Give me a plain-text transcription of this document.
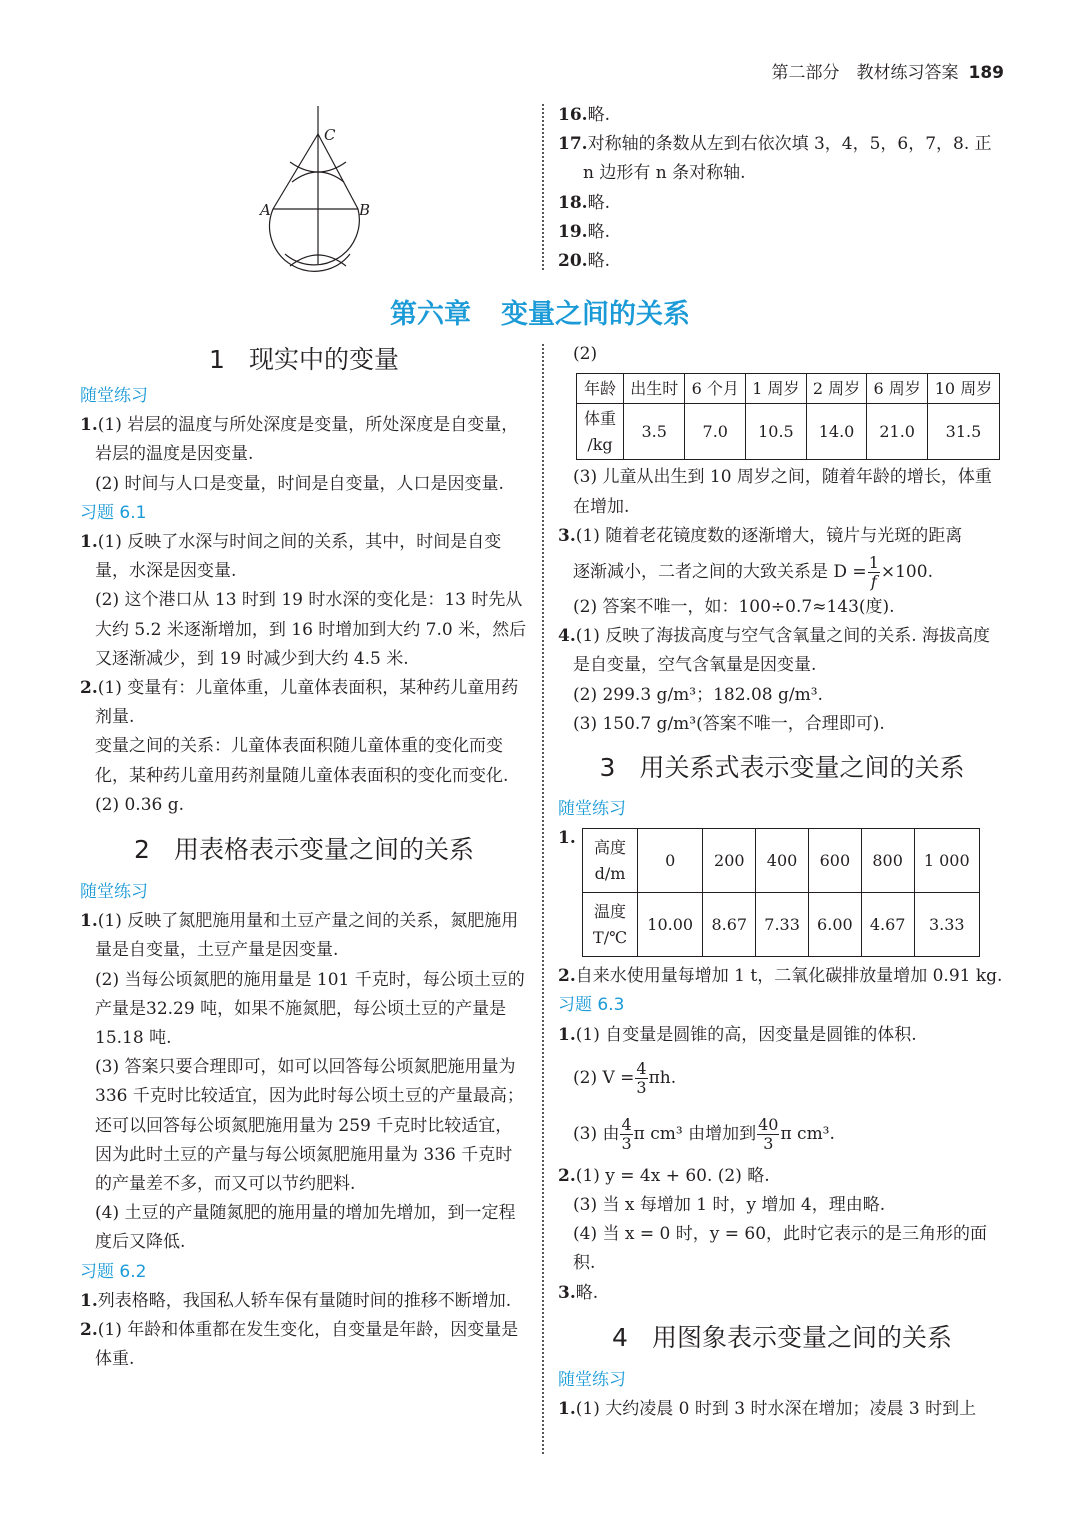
第二部分　教材练习答案 189
C
A	B

16.略.

17.对称轴的条数从左到右依次填 3，4，5，6，7，8. 正 n 边形有 n 条对称轴.

18.略.

19.略.

20.略.

第六章 变量之间的关系
1 现实中的变量
随堂练习

1.(1) 岩层的温度与所处深度是变量，所处深度是自变量，岩层的温度是因变量.

(2) 时间与人口是变量，时间是自变量，人口是因变量.

习题 6.1

1.(1) 反映了水深与时间之间的关系，其中，时间是自变量，水深是因变量.

(2) 这个港口从 13 时到 19 时水深的变化是：13 时先从大约 5.2 米逐渐增加，到 16 时增加到大约 7.0 米，然后又逐渐减少，到 19 时减少到大约 4.5 米.

2.(1) 变量有：儿童体重，儿童体表面积，某种药儿童用药剂量.

变量之间的关系：儿童体表面积随儿童体重的变化而变化，某种药儿童用药剂量随儿童体表面积的变化而变化.

(2) 0.36 g.

2 用表格表示变量之间的关系
随堂练习

1.(1) 反映了氮肥施用量和土豆产量之间的关系，氮肥施用量是自变量，土豆产量是因变量.

(2) 当每公顷氮肥的施用量是 101 千克时，每公顷土豆的产量是32.29 吨，如果不施氮肥，每公顷土豆的产量是15.18 吨.

(3) 答案只要合理即可，如可以回答每公顷氮肥施用量为336 千克时比较适宜，因为此时每公顷土豆的产量最高；还可以回答每公顷氮肥施用量为 259 千克时比较适宜，因为此时土豆的产量与每公顷氮肥施用量为 336 千克时的产量差不多，而又可以节约肥料.

(4) 土豆的产量随氮肥的施用量的增加先增加，到一定程度后又降低.

习题 6.2

1.列表格略，我国私人轿车保有量随时间的推移不断增加.

2.(1) 年龄和体重都在发生变化，自变量是年龄，因变量是体重.

(2)

年龄	出生时	6 个月	1 周岁	2 周岁	6 周岁	10 周岁
体重 /kg	3.5	7.0	10.5	14.0	21.0	31.5

(3) 儿童从出生到 10 周岁之间，随着年龄的增长，体重在增加.

3.(1) 随着老花镜度数的逐渐增大，镜片与光斑的距离

逐渐减小，二者之间的大致关系是 $D = \frac{1}{f} \times 100$.

(2) 答案不唯一，如：100÷0.7≈143(度).

4.(1) 反映了海拔高度与空气含氧量之间的关系. 海拔高度是自变量，空气含氧量是因变量.

(2) 299.3 g/m³；182.08 g/m³.

(3) 150.7 g/m³(答案不唯一，合理即可).

3 用关系式表示变量之间的关系
随堂练习
1. 高度 d/m	0	200	400	600	800	1 000
温度 T/℃	10.00	8.67	7.33	6.00	4.67	3.33

2.自来水使用量每增加 1 t，二氧化碳排放量增加 0.91 kg.

习题 6.3

1.(1) 自变量是圆锥的高，因变量是圆锥的体积.

(2) $V = \frac{4}{3} \pi h$.

(3) 由 $\frac{4}{3}$ π cm³ 由增加到 $\frac{40}{3}$ π cm³.

2.(1) y = 4x + 60. (2) 略.

(3) 当 x 每增加 1 时，y 增加 4，理由略.

(4) 当 x = 0 时，y = 60，此时它表示的是三角形的面积.

3.略.

4 用图象表示变量之间的关系
随堂练习

1.(1) 大约凌晨 0 时到 3 时水深在增加；凌晨 3 时到上
